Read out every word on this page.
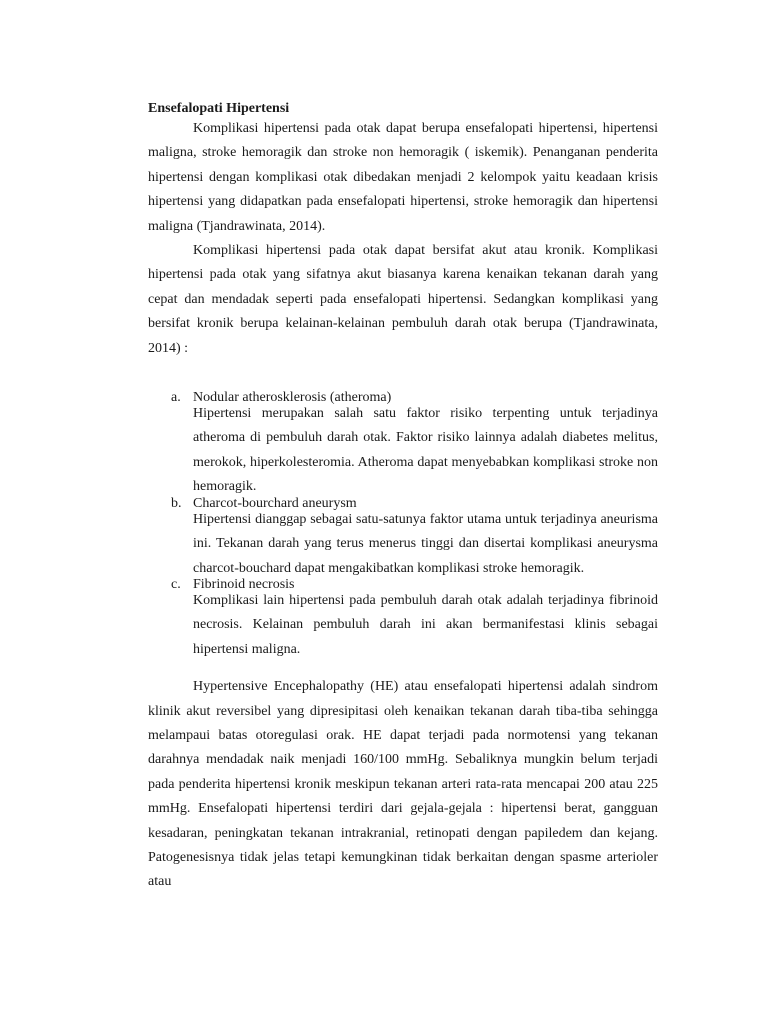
Ensefalopati Hipertensi

Komplikasi hipertensi pada otak dapat berupa ensefalopati hipertensi, hipertensi maligna, stroke hemoragik dan stroke non hemoragik ( iskemik). Penanganan penderita hipertensi dengan komplikasi otak dibedakan menjadi 2 kelompok yaitu keadaan krisis hipertensi yang didapatkan pada ensefalopati hipertensi, stroke hemoragik dan hipertensi maligna (Tjandrawinata, 2014).

Komplikasi hipertensi pada otak dapat bersifat akut atau kronik. Komplikasi hipertensi pada otak yang sifatnya akut biasanya karena kenaikan tekanan darah yang cepat dan mendadak seperti pada ensefalopati hipertensi. Sedangkan komplikasi yang bersifat kronik berupa kelainan-kelainan pembuluh darah otak berupa (Tjandrawinata, 2014) :

a. Nodular atherosklerosis (atheroma)

Hipertensi merupakan salah satu faktor risiko terpenting untuk terjadinya atheroma di pembuluh darah otak. Faktor risiko lainnya adalah diabetes melitus, merokok, hiperkolesteromia. Atheroma dapat menyebabkan komplikasi stroke non hemoragik.

b. Charcot-bourchard aneurysm

Hipertensi dianggap sebagai satu-satunya faktor utama untuk terjadinya aneurisma ini. Tekanan darah yang terus menerus tinggi dan disertai komplikasi aneurysma charcot-bouchard dapat mengakibatkan komplikasi stroke hemoragik.

c. Fibrinoid necrosis

Komplikasi lain hipertensi pada pembuluh darah otak adalah terjadinya fibrinoid necrosis. Kelainan pembuluh darah ini akan bermanifestasi klinis sebagai hipertensi maligna.

Hypertensive Encephalopathy (HE) atau ensefalopati hipertensi adalah sindrom klinik akut reversibel yang dipresipitasi oleh kenaikan tekanan darah tiba-tiba sehingga melampaui batas otoregulasi orak. HE dapat terjadi pada normotensi yang tekanan darahnya mendadak naik menjadi 160/100 mmHg. Sebaliknya mungkin belum terjadi pada penderita hipertensi kronik meskipun tekanan arteri rata-rata mencapai 200 atau 225 mmHg. Ensefalopati hipertensi terdiri dari gejala-gejala : hipertensi berat, gangguan kesadaran, peningkatan tekanan intrakranial, retinopati dengan papiledem dan kejang. Patogenesisnya tidak jelas tetapi kemungkinan tidak berkaitan dengan spasme arterioler atau
